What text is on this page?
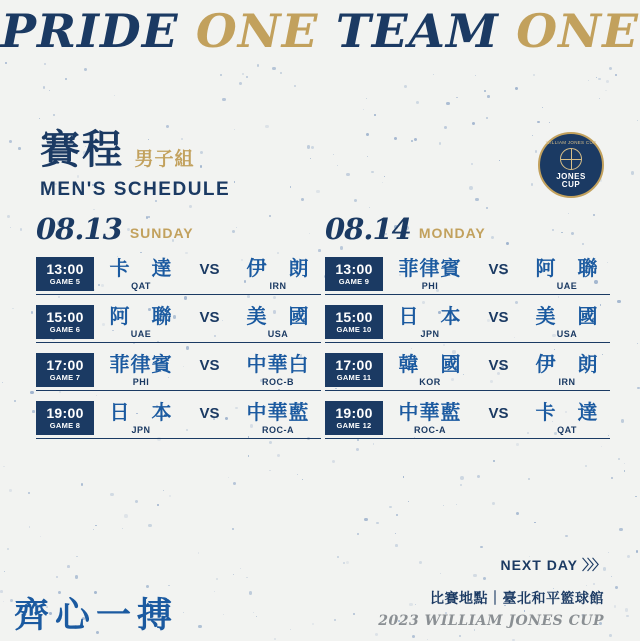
PRIDE ONE TEAM ONE
賽程 男子組
MEN'S SCHEDULE
WILLIAM JONES CUP
JONES
CUP
08.13 SUNDAY
13:00
GAME 5
卡　達
QAT
VS 伊　朗
IRN
15:00
GAME 6
阿　聯
UAE
VS 美　國
USA
17:00
GAME 7
菲律賓
PHI
VS 中華白
ROC-B
19:00
GAME 8
日　本
JPN
VS 中華藍
ROC-A
08.14 MONDAY
13:00
GAME 9
菲律賓
PHI
VS 阿　聯
UAE
15:00
GAME 10
日　本
JPN
VS 美　國
USA
17:00
GAME 11
韓　國
KOR
VS 伊　朗
IRN
19:00
GAME 12
中華藍
ROC-A
VS 卡　達
QAT
NEXT DAY 〉〉〉
齊心一搏	比賽地點｜臺北和平籃球館
2023 WILLIAM JONES CUP
